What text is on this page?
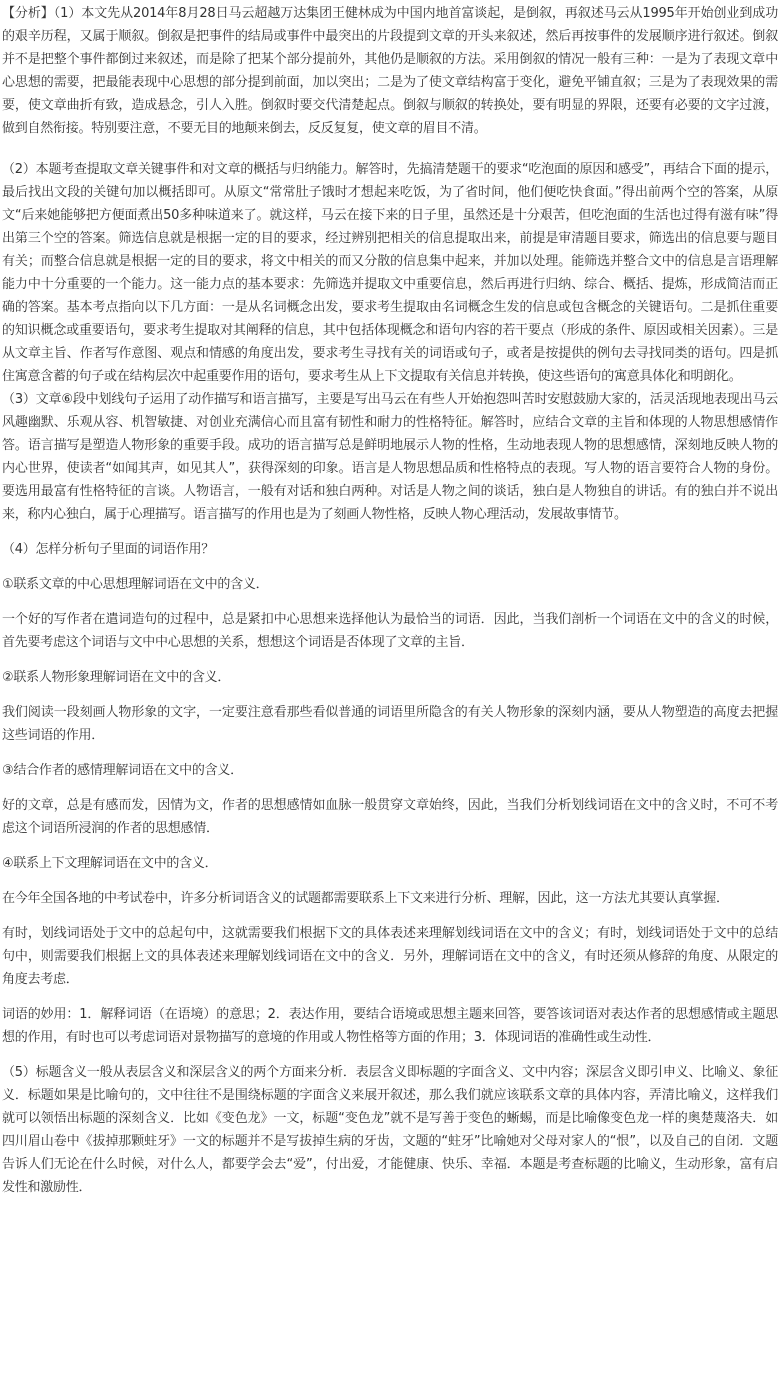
【分析】（1）本文先从2014年8月28日马云超越万达集团王健林成为中国内地首富谈起，是倒叙，再叙述马云从1995年开始创业到成功的艰辛历程，又属于顺叙。倒叙是把事件的结局或事件中最突出的片段提到文章的开头来叙述，然后再按事件的发展顺序进行叙述。倒叙并不是把整个事件都倒过来叙述，而是除了把某个部分提前外，其他仍是顺叙的方法。采用倒叙的情况一般有三种：一是为了表现文章中心思想的需要，把最能表现中心思想的部分提到前面，加以突出；二是为了使文章结构富于变化，避免平铺直叙；三是为了表现效果的需要，使文章曲折有致，造成悬念，引人入胜。倒叙时要交代清楚起点。倒叙与顺叙的转换处，要有明显的界限，还要有必要的文字过渡，做到自然衔接。特别要注意，不要无目的地颠来倒去，反反复复，使文章的眉目不清。

（2）本题考查提取文章关键事件和对文章的概括与归纳能力。解答时，先搞清楚题干的要求“吃泡面的原因和感受”，再结合下面的提示，最后找出文段的关键句加以概括即可。从原文“常常肚子饿时才想起来吃饭，为了省时间，他们便吃快食面。”得出前两个空的答案，从原文“后来她能够把方便面煮出50多种味道来了。就这样，马云在接下来的日子里，虽然还是十分艰苦，但吃泡面的生活也过得有滋有味”得出第三个空的答案。筛选信息就是根据一定的目的要求，经过辨别把相关的信息提取出来，前提是审清题目要求，筛选出的信息要与题目有关；而整合信息就是根据一定的目的要求，将文中相关的而又分散的信息集中起来，并加以处理。能筛选并整合文中的信息是言语理解能力中十分重要的一个能力。这一能力点的基本要求：先筛选并提取文中重要信息，然后再进行归纳、综合、概括、提炼，形成简洁而正确的答案。基本考点指向以下几方面：一是从名词概念出发，要求考生提取由名词概念生发的信息或包含概念的关键语句。二是抓住重要的知识概念或重要语句，要求考生提取对其阐释的信息，其中包括体现概念和语句内容的若干要点（形成的条件、原因或相关因素）。三是从文章主旨、作者写作意图、观点和情感的角度出发，要求考生寻找有关的词语或句子，或者是按提供的例句去寻找同类的语句。四是抓住寓意含蓄的句子或在结构层次中起重要作用的语句，要求考生从上下文提取有关信息并转换，使这些语句的寓意具体化和明朗化。

（3）文章⑥段中划线句子运用了动作描写和语言描写，主要是写出马云在有些人开始抱怨叫苦时安慰鼓励大家的，活灵活现地表现出马云风趣幽默、乐观从容、机智敏捷、对创业充满信心而且富有韧性和耐力的性格特征。解答时，应结合文章的主旨和体现的人物思想感情作答。语言描写是塑造人物形象的重要手段。成功的语言描写总是鲜明地展示人物的性格，生动地表现人物的思想感情，深刻地反映人物的内心世界，使读者“如闻其声，如见其人”，获得深刻的印象。语言是人物思想品质和性格特点的表现。写人物的语言要符合人物的身份。要选用最富有性格特征的言谈。人物语言，一般有对话和独白两种。对话是人物之间的谈话，独白是人物独自的讲话。有的独白并不说出来，称内心独白，属于心理描写。语言描写的作用也是为了刻画人物性格，反映人物心理活动，发展故事情节。

（4）怎样分析句子里面的词语作用？

①联系文章的中心思想理解词语在文中的含义．

一个好的写作者在遣词造句的过程中，总是紧扣中心思想来选择他认为最恰当的词语．因此，当我们剖析一个词语在文中的含义的时候，首先要考虑这个词语与文中中心思想的关系，想想这个词语是否体现了文章的主旨．

②联系人物形象理解词语在文中的含义．

我们阅读一段刻画人物形象的文字，一定要注意看那些看似普通的词语里所隐含的有关人物形象的深刻内涵，要从人物塑造的高度去把握这些词语的作用．

③结合作者的感情理解词语在文中的含义．

好的文章，总是有感而发，因情为文，作者的思想感情如血脉一般贯穿文章始终，因此，当我们分析划线词语在文中的含义时，不可不考虑这个词语所浸润的作者的思想感情．

④联系上下文理解词语在文中的含义．

在今年全国各地的中考试卷中，许多分析词语含义的试题都需要联系上下文来进行分析、理解，因此，这一方法尤其要认真掌握．

有时，划线词语处于文中的总起句中，这就需要我们根据下文的具体表述来理解划线词语在文中的含义；有时，划线词语处于文中的总结句中，则需要我们根据上文的具体表述来理解划线词语在文中的含义．另外，理解词语在文中的含义，有时还须从修辞的角度、从限定的角度去考虑．

词语的妙用：1．解释词语（在语境）的意思；2．表达作用，要结合语境或思想主题来回答，要答该词语对表达作者的思想感情或主题思想的作用，有时也可以考虑词语对景物描写的意境的作用或人物性格等方面的作用；3．体现词语的准确性或生动性．

（5）标题含义一般从表层含义和深层含义的两个方面来分析．表层含义即标题的字面含义、文中内容；深层含义即引申义、比喻义、象征义．标题如果是比喻句的，文中往往不是围绕标题的字面含义来展开叙述，那么我们就应该联系文章的具体内容，弄清比喻义，这样我们就可以领悟出标题的深刻含义．比如《变色龙》一文，标题“变色龙”就不是写善于变色的蜥蜴，而是比喻像变色龙一样的奥楚蔑洛夫．如四川眉山卷中《拔掉那颗蛀牙》一文的标题并不是写拔掉生病的牙齿，文题的“蛀牙”比喻她对父母对家人的“恨”，以及自己的自闭．文题告诉人们无论在什么时候，对什么人，都要学会去“爱”，付出爱，才能健康、快乐、幸福．本题是考查标题的比喻义，生动形象，富有启发性和激励性．
